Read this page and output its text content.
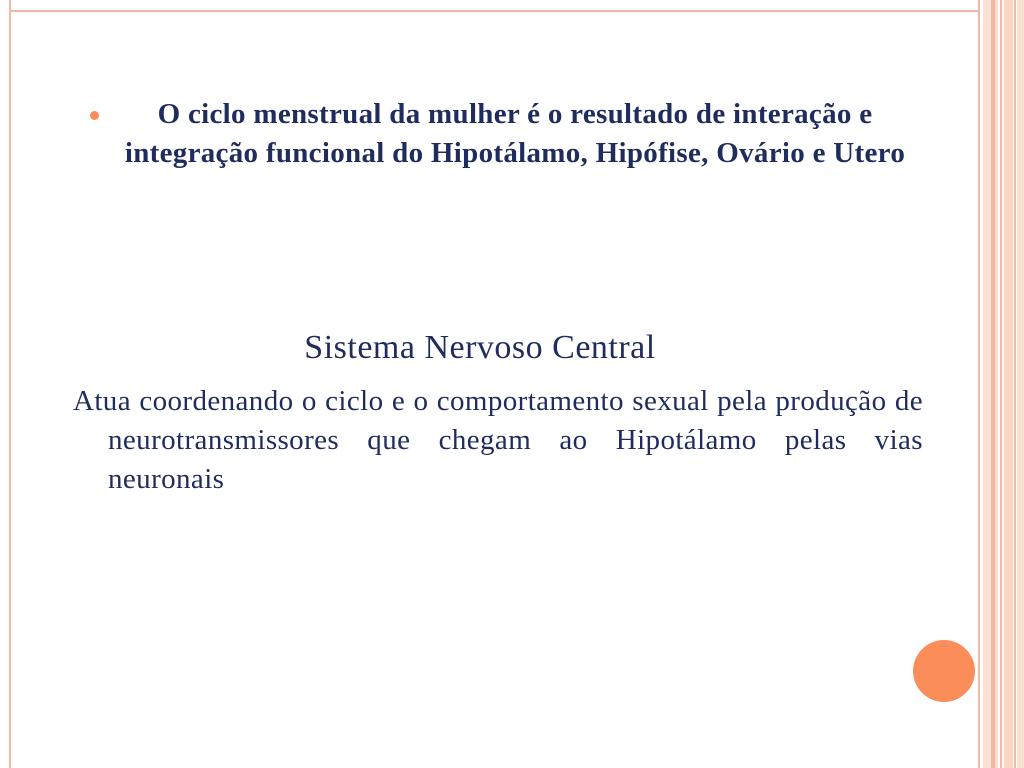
O ciclo menstrual da mulher é o resultado de interação e integração funcional do Hipotálamo, Hipófise, Ovário e Utero
Sistema Nervoso Central
Atua coordenando o ciclo e o comportamento sexual pela produção de neurotransmissores que chegam ao Hipotálamo pelas vias neuronais
